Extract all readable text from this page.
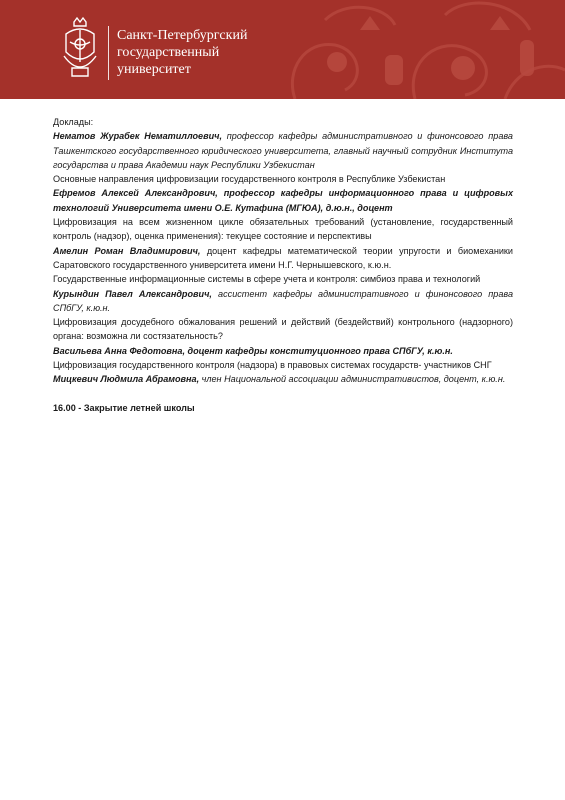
Санкт-Петербургский
государственный
университет

Доклады:

Нематов Журабек Нематиллоевич, профессор кафедры административного и финонсового права Ташкентского государственного юридического университета, главный научный сотрудник Института государства и права Академии наук Республики Узбекистан

Основные направления цифровизации государственного контроля в Республике Узбекистан

Ефремов Алексей Александрович, профессор кафедры информационного права и цифровых технологий Университета имени О.Е. Кутафина (МГЮА), д.ю.н., доцент

Цифровизация на всем жизненном цикле обязательных требований (установление, государственный контроль (надзор), оценка применения): текущее состояние и перспективы

Амелин Роман Владимирович, доцент кафедры математической теории упругости и биомеханики Саратовского государственного университета имени Н.Г. Чернышевского, к.ю.н.

Государственные информационные системы в сфере учета и контроля: симбиоз права и технологий

Курындин Павел Александрович, ассистент кафедры административного и финонсового права СПбГУ, к.ю.н.

Цифровизация досудебного обжалования решений и действий (бездействий) контрольного (надзорного) органа: возможна ли состязательность?

Васильева Анна Федотовна, доцент кафедры конституционного права СПбГУ, к.ю.н.

Цифровизация государственного контроля (надзора) в правовых системах государств- участников СНГ

Мицкевич Людмила Абрамовна, член Национальной ассоциации административистов, доцент, к.ю.н.

16.00 - Закрытие летней школы
